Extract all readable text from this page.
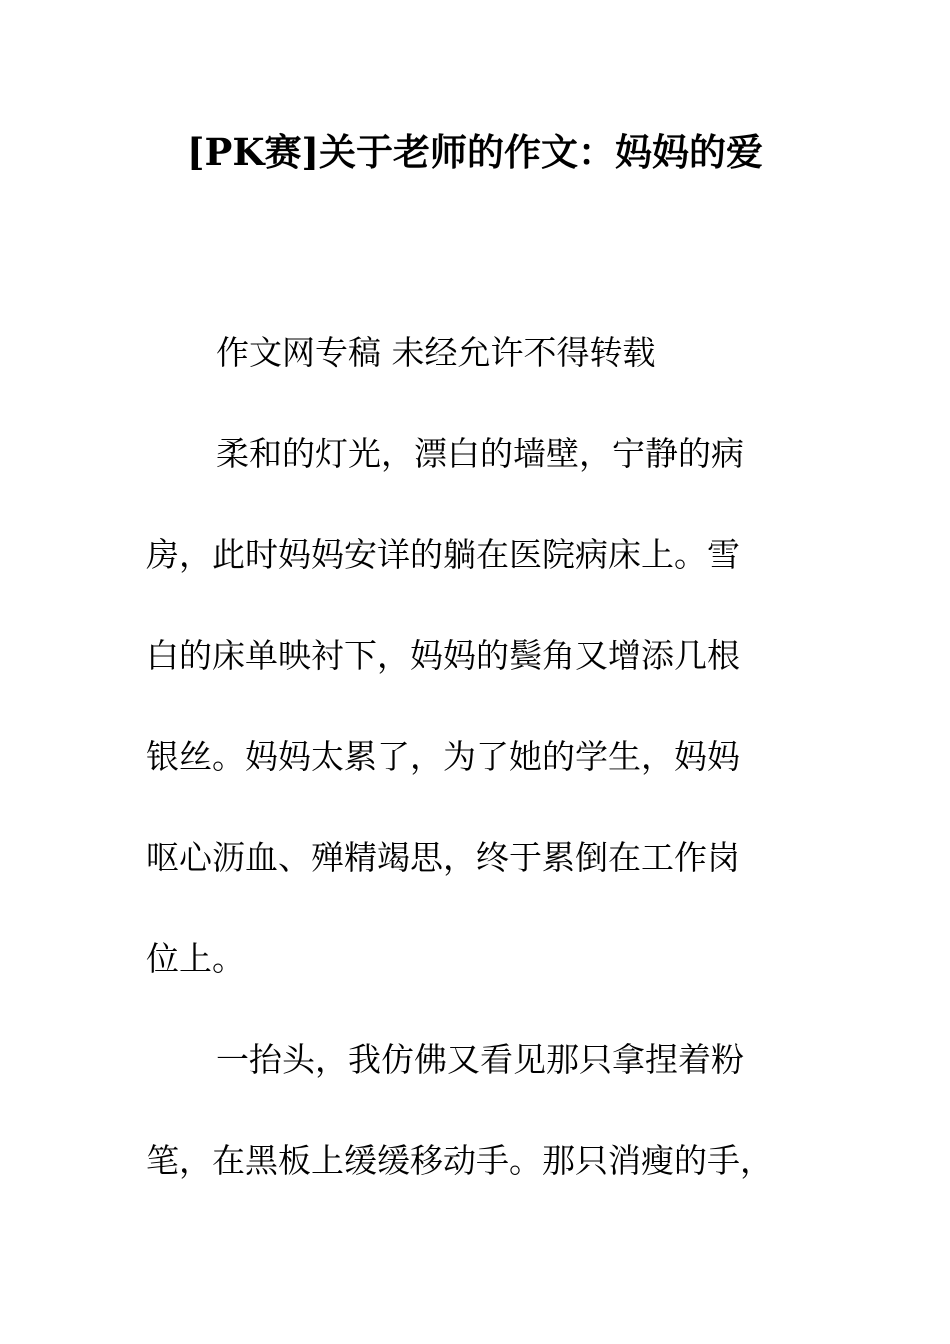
[PK赛]关于老师的作文：妈妈的爱
作文网专稿 未经允许不得转载
柔和的灯光，漂白的墙壁，宁静的病
房，此时妈妈安详的躺在医院病床上。雪
白的床单映衬下，妈妈的鬓角又增添几根
银丝。妈妈太累了，为了她的学生，妈妈
呕心沥血、殚精竭思，终于累倒在工作岗
位上。
一抬头，我仿佛又看见那只拿捏着粉
笔，在黑板上缓缓移动手。那只消瘦的手，
